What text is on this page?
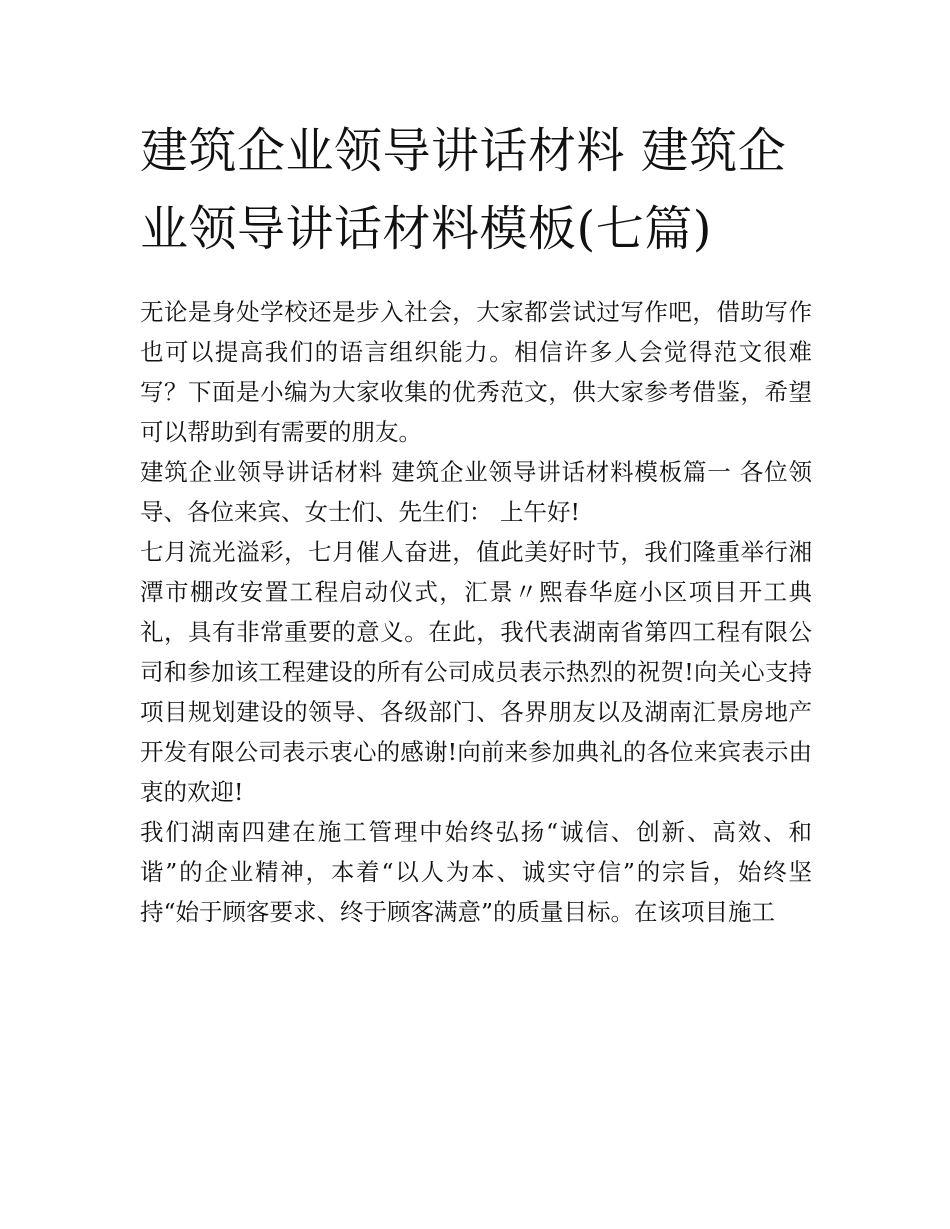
建筑企业领导讲话材料 建筑企业领导讲话材料模板(七篇)

无论是身处学校还是步入社会，大家都尝试过写作吧，借助写作也可以提高我们的语言组织能力。相信许多人会觉得范文很难写？下面是小编为大家收集的优秀范文，供大家参考借鉴，希望可以帮助到有需要的朋友。

建筑企业领导讲话材料 建筑企业领导讲话材料模板篇一 各位领导、各位来宾、女士们、先生们： 上午好!

七月流光溢彩，七月催人奋进，值此美好时节，我们隆重举行湘潭市棚改安置工程启动仪式，汇景〃熙春华庭小区项目开工典礼，具有非常重要的意义。在此，我代表湖南省第四工程有限公司和参加该工程建设的所有公司成员表示热烈的祝贺!向关心支持项目规划建设的领导、各级部门、各界朋友以及湖南汇景房地产开发有限公司表示衷心的感谢!向前来参加典礼的各位来宾表示由衷的欢迎!

我们湖南四建在施工管理中始终弘扬“诚信、创新、高效、和谐”的企业精神，本着“以人为本、诚实守信”的宗旨，始终坚持“始于顾客要求、终于顾客满意”的质量目标。在该项目施工
